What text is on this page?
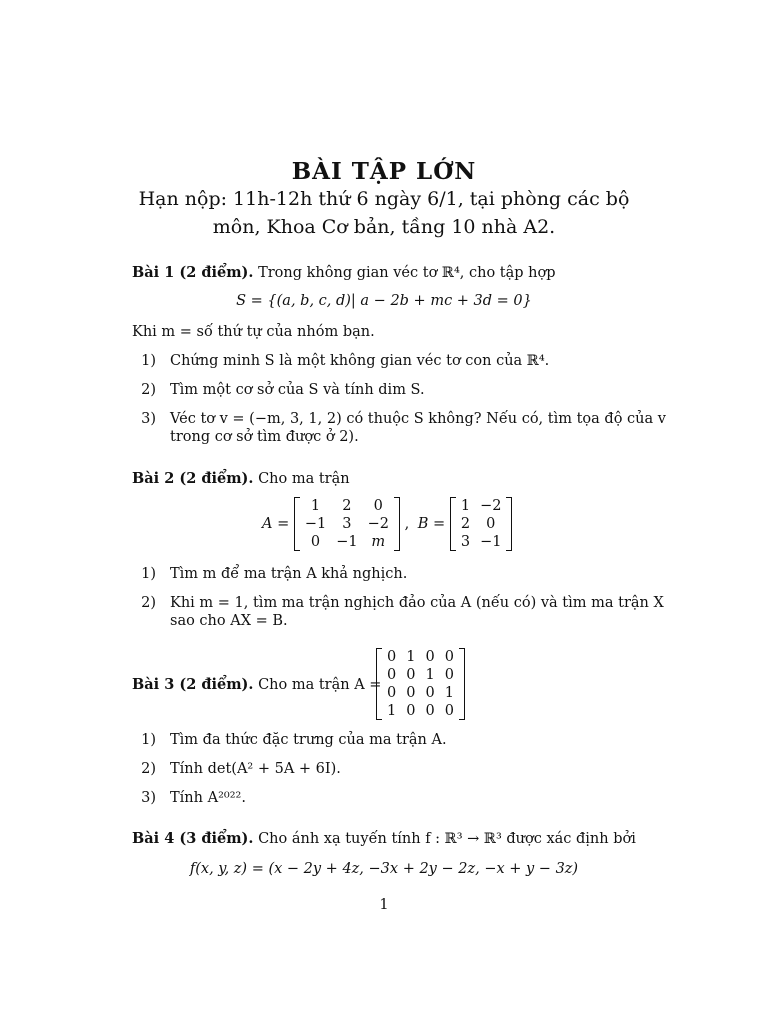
BÀI TẬP LỚN
Hạn nộp: 11h-12h thứ 6 ngày 6/1, tại phòng các bộ
môn, Khoa Cơ bản, tầng 10 nhà A2.
Bài 1 (2 điểm). Trong không gian véc tơ ℝ⁴, cho tập hợp
S = {(a, b, c, d)| a − 2b + mc + 3d = 0}
Khi m = số thứ tự của nhóm bạn.
1) Chứng minh S là một không gian véc tơ con của ℝ⁴.
2) Tìm một cơ sở của S và tính dim S.
3) Véc tơ v = (−m, 3, 1, 2) có thuộc S không? Nếu có, tìm tọa độ của v
trong cơ sở tìm được ở 2).
Bài 2 (2 điểm). Cho ma trận
A =
1	2	0
−1	3	−2
0	−1	m
, B =
1	−2
2	0
3	−1
1) Tìm m để ma trận A khả nghịch.
2) Khi m = 1, tìm ma trận nghịch đảo của A (nếu có) và tìm ma trận X
sao cho AX = B.
Bài 3 (2 điểm). Cho ma trận A =
0	1	0	0
0	0	1	0
0	0	0	1
1	0	0	0
1) Tìm đa thức đặc trưng của ma trận A.
2) Tính det(A² + 5A + 6I).
3) Tính A²⁰²².
Bài 4 (3 điểm). Cho ánh xạ tuyến tính f : ℝ³ → ℝ³ được xác định bởi
f(x, y, z) = (x − 2y + 4z, −3x + 2y − 2z, −x + y − 3z)
1
